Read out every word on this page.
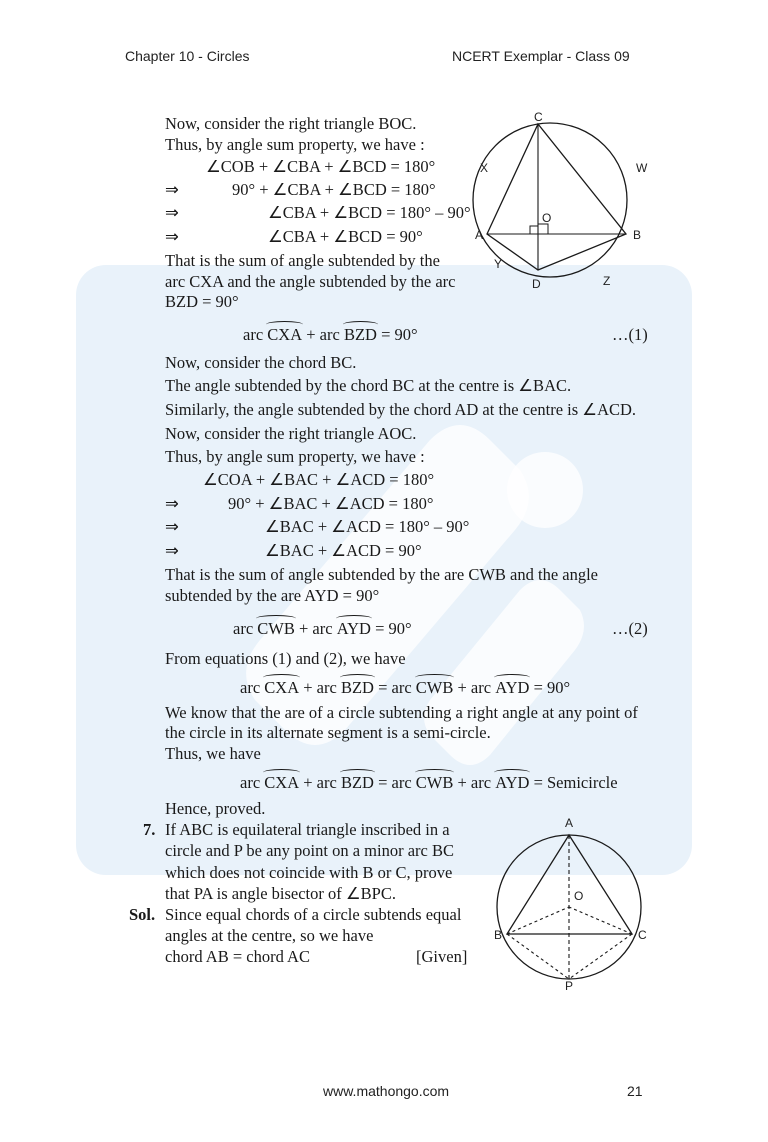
Chapter 10 - Circles	NCERT Exemplar - Class 09
Now, consider the right triangle BOC.
Thus, by angle sum property, we have :
∠COB + ∠CBA + ∠BCD = 180°
⇒	90° + ∠CBA + ∠BCD = 180°
⇒	∠CBA + ∠BCD = 180° – 90°
⇒	∠CBA + ∠BCD = 90°
That is the sum of angle subtended by the
arc CXA and the angle subtended by the arc
BZD = 90°
arc CXA + arc BZD = 90°	…(1)
Now, consider the chord BC.
The angle subtended by the chord BC at the centre is ∠BAC.
Similarly, the angle subtended by the chord AD at the centre is ∠ACD.
Now, consider the right triangle AOC.
Thus, by angle sum property, we have :
∠COA + ∠BAC + ∠ACD = 180°
⇒	90° + ∠BAC + ∠ACD = 180°
⇒	∠BAC + ∠ACD = 180° – 90°
⇒	∠BAC + ∠ACD = 90°
That is the sum of angle subtended by the are CWB and the angle
subtended by the are AYD = 90°
arc CWB + arc AYD = 90°	…(2)
From equations (1) and (2), we have
arc CXA + arc BZD = arc CWB + arc AYD = 90°
We know that the are of a circle subtending a right angle at any point of
the circle in its alternate segment is a semi-circle.
Thus, we have
arc CXA + arc BZD = arc CWB + arc AYD = Semicircle
Hence, proved.
7. If ABC is equilateral triangle inscribed in a
circle and P be any point on a minor arc BC
which does not coincide with B or C, prove
that PA is angle bisector of ∠BPC.
Sol. Since equal chords of a circle subtends equal
angles at the centre, so we have
chord AB = chord AC	[Given]
C
X	W
O
A	B
Y
D	Z
A
O
B	C
P
www.mathongo.com	21
